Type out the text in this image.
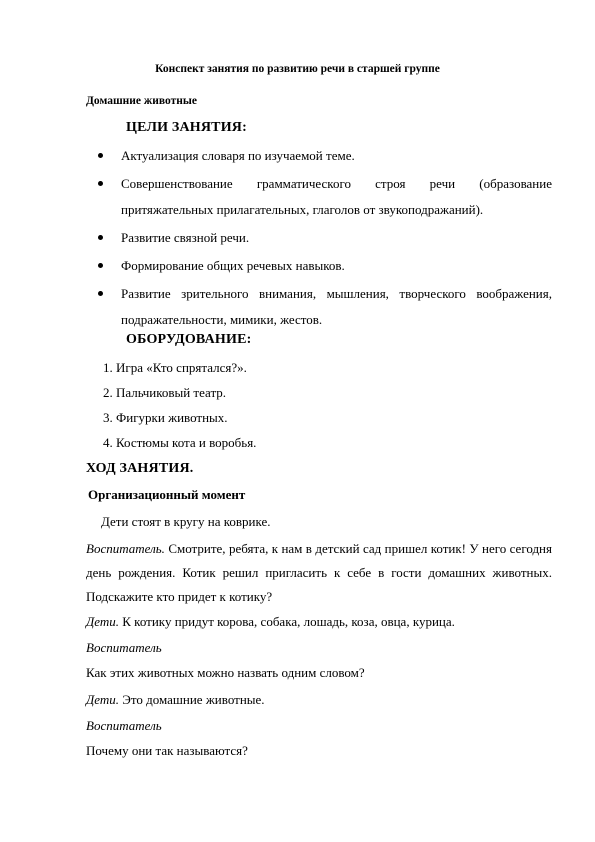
Конспект занятия по развитию речи в старшей группе
Домашние животные
ЦЕЛИ ЗАНЯТИЯ:
Актуализация словаря по изучаемой теме.
Совершенствование грамматического строя речи (образование притяжательных прилагательных, глаголов от звукоподражаний).
Развитие связной речи.
Формирование общих речевых навыков.
Развитие зрительного внимания, мышления, творческого воображения, подражательности, мимики, жестов.
ОБОРУДОВАНИЕ:
1. Игра «Кто спрятался?».
2. Пальчиковый театр.
3. Фигурки животных.
4. Костюмы кота и воробья.
ХОД ЗАНЯТИЯ.
Организационный момент
Дети стоят в кругу на коврике.
Воспитатель. Смотрите, ребята, к нам в детский сад пришел котик! У него сегодня день рождения. Котик решил пригласить к себе в гости домашних животных. Подскажите кто придет к котику?
Дети. К котику придут корова, собака, лошадь, коза, овца, курица.
Воспитатель
Как этих животных можно назвать одним словом?
Дети. Это домашние животные.
Воспитатель
Почему они так называются?
